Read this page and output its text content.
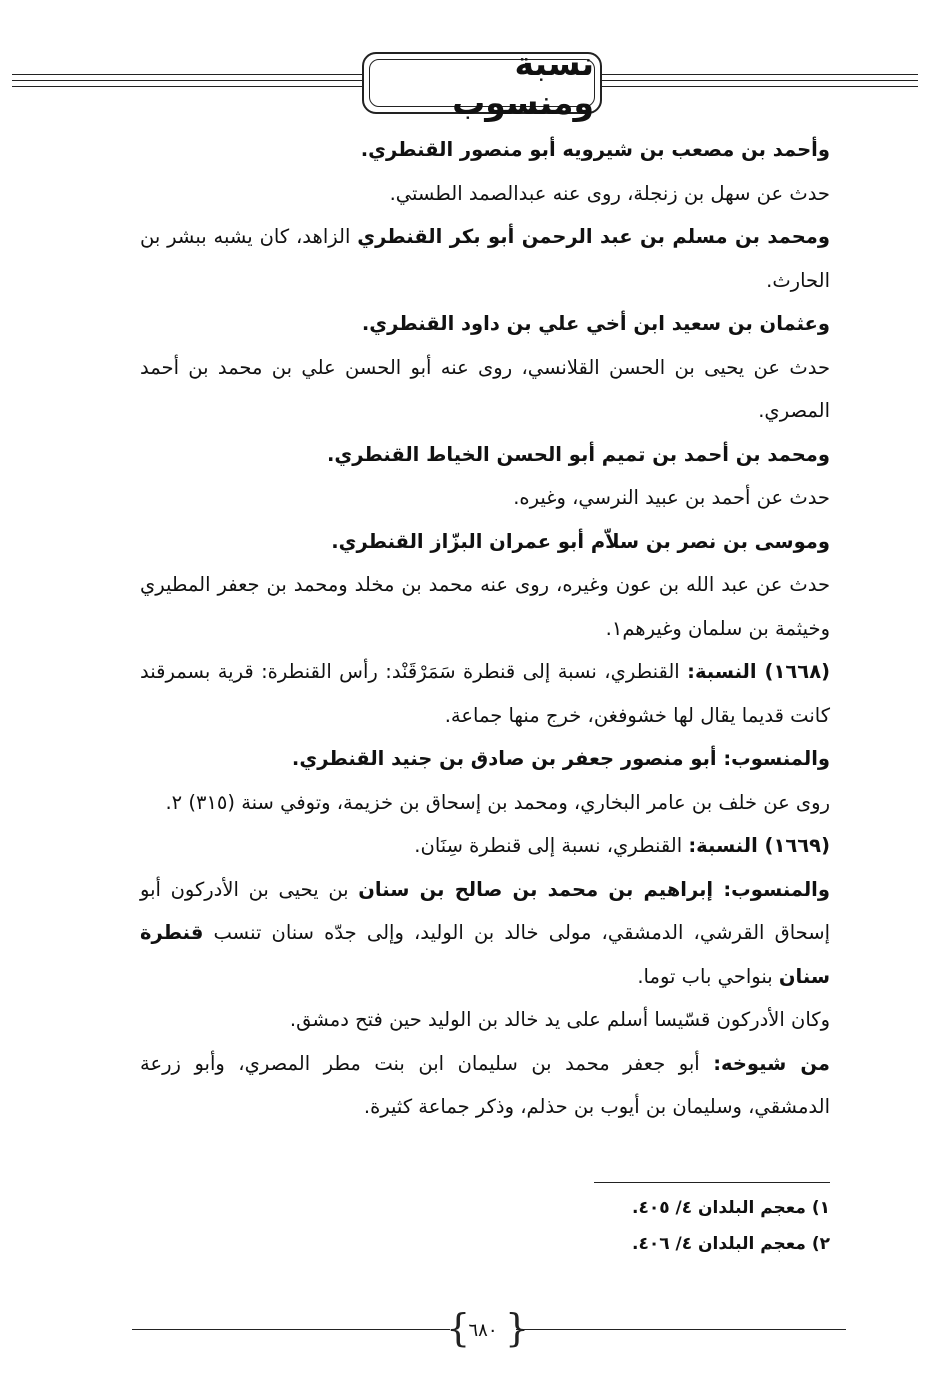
نسبة ومنسوب

وأحمد بن مصعب بن شيرويه أبو منصور القنطري.

حدث عن سهل بن زنجلة، روى عنه عبدالصمد الطستي.

ومحمد بن مسلم بن عبد الرحمن أبو بكر القنطري الزاهد، كان يشبه ببشر بن الحارث.

وعثمان بن سعيد ابن أخي علي بن داود القنطري.

حدث عن يحيى بن الحسن القلانسي، روى عنه أبو الحسن علي بن محمد بن أحمد المصري.

ومحمد بن أحمد بن تميم أبو الحسن الخياط القنطري.

حدث عن أحمد بن عبيد النرسي، وغيره.

وموسى بن نصر بن سلاّم أبو عمران البزّاز القنطري.

حدث عن عبد الله بن عون وغيره، روى عنه محمد بن مخلد ومحمد بن جعفر المطيري وخيثمة بن سلمان وغيرهم١.

(١٦٦٨) النسبة: القنطري، نسبة إلى قنطرة سَمَرْقَنْد: رأس القنطرة: قرية بسمرقند كانت قديما يقال لها خشوفغن، خرج منها جماعة.

والمنسوب: أبو منصور جعفر بن صادق بن جنيد القنطري.

روى عن خلف بن عامر البخاري، ومحمد بن إسحاق بن خزيمة، وتوفي سنة (٣١٥) ٢.

(١٦٦٩) النسبة: القنطري، نسبة إلى قنطرة سِنَان.

والمنسوب: إبراهيم بن محمد بن صالح بن سنان بن يحيى بن الأدركون أبو إسحاق القرشي، الدمشقي، مولى خالد بن الوليد، وإلى جدّه سنان تنسب قنطرة سنان بنواحي باب توما.

وكان الأدركون قسّيسا أسلم على يد خالد بن الوليد حين فتح دمشق.

من شيوخه: أبو جعفر محمد بن سليمان ابن بنت مطر المصري، وأبو زرعة الدمشقي، وسليمان بن أيوب بن حذلم، وذكر جماعة كثيرة.

١) معجم البلدان ٤/ ٤٠٥.

٢) معجم البلدان ٤/ ٤٠٦.

{ }
٦٨٠
